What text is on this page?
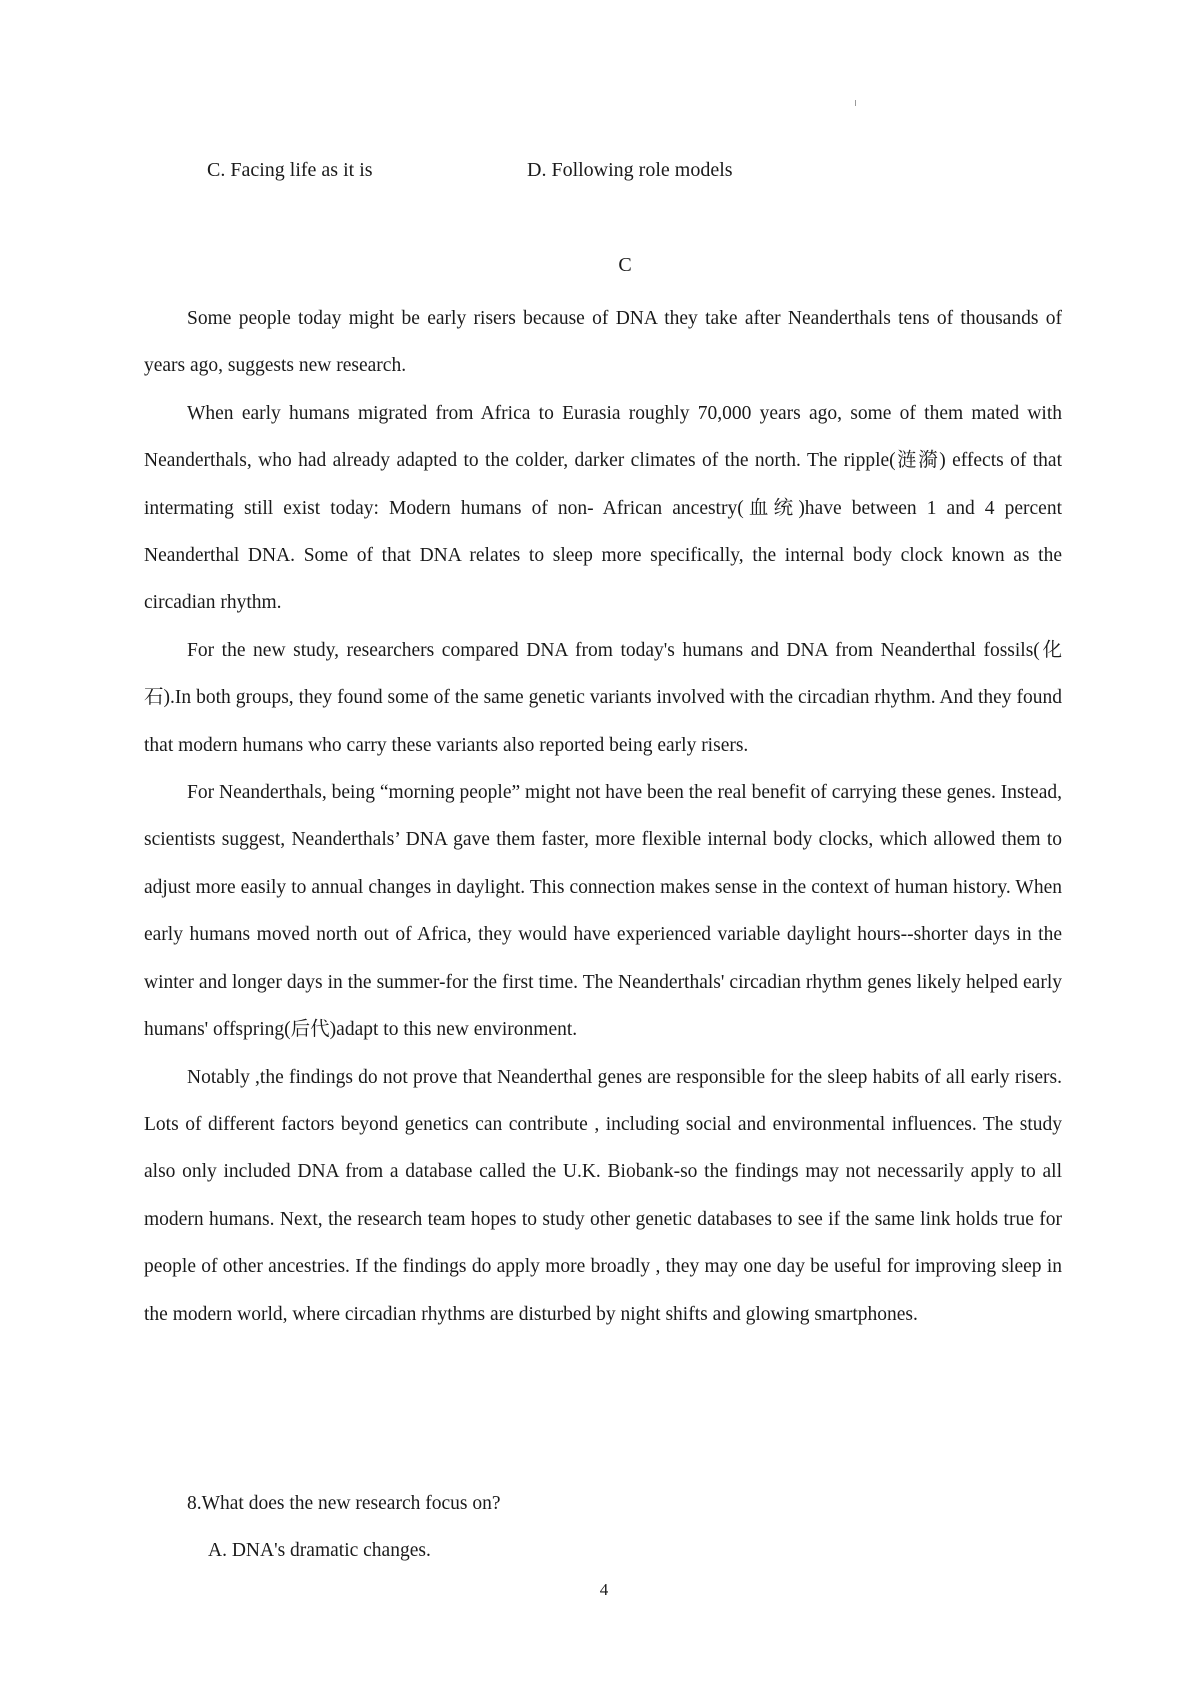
C. Facing life as it is	D. Following role models
C

Some people today might be early risers because of DNA they take after Neanderthals tens of thousands of years ago, suggests new research.

When early humans migrated from Africa to Eurasia roughly 70,000 years ago, some of them mated with Neanderthals, who had already adapted to the colder, darker climates of the north. The ripple(涟漪) effects of that intermating still exist today: Modern humans of non- African ancestry(血统)have between 1 and 4 percent Neanderthal DNA. Some of that DNA relates to sleep more specifically, the internal body clock known as the circadian rhythm.

For the new study, researchers compared DNA from today's humans and DNA from Neanderthal fossils(化石).In both groups, they found some of the same genetic variants involved with the circadian rhythm. And they found that modern humans who carry these variants also reported being early risers.

For Neanderthals, being “morning people” might not have been the real benefit of carrying these genes. Instead, scientists suggest, Neanderthals’ DNA gave them faster, more flexible internal body clocks, which allowed them to adjust more easily to annual changes in daylight. This connection makes sense in the context of human history. When early humans moved north out of Africa, they would have experienced variable daylight hours--shorter days in the winter and longer days in the summer-for the first time. The Neanderthals' circadian rhythm genes likely helped early humans' offspring(后代)adapt to this new environment.

Notably ,the findings do not prove that Neanderthal genes are responsible for the sleep habits of all early risers. Lots of different factors beyond genetics can contribute , including social and environmental influences. The study also only included DNA from a database called the U.K. Biobank-so the findings may not necessarily apply to all modern humans. Next, the research team hopes to study other genetic databases to see if the same link holds true for people of other ancestries. If the findings do apply more broadly , they may one day be useful for improving sleep in the modern world, where circadian rhythms are disturbed by night shifts and glowing smartphones.

8.What does the new research focus on?
A. DNA's dramatic changes.
4
